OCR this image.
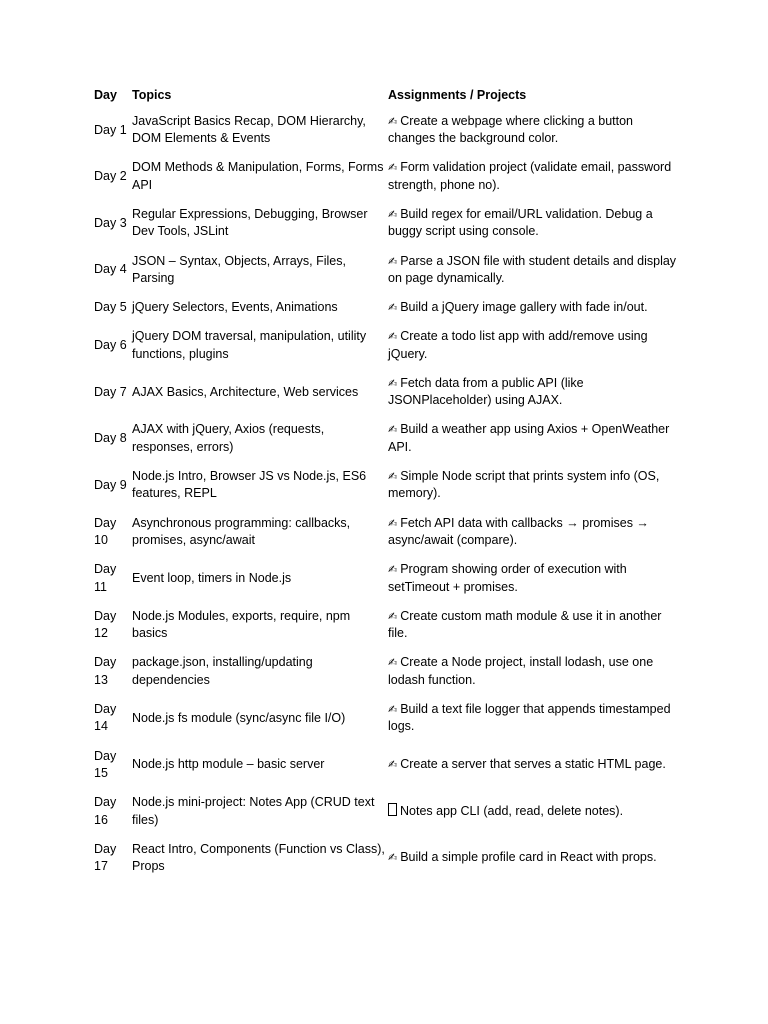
Day	Topics	Assignments / Projects
Day 1	JavaScript Basics Recap, DOM Hierarchy, DOM Elements & Events	✍ Create a webpage where clicking a button changes the background color.
Day 2	DOM Methods & Manipulation, Forms, Forms API	✍ Form validation project (validate email, password strength, phone no).
Day 3	Regular Expressions, Debugging, Browser Dev Tools, JSLint	✍ Build regex for email/URL validation. Debug a buggy script using console.
Day 4	JSON – Syntax, Objects, Arrays, Files, Parsing	✍ Parse a JSON file with student details and display on page dynamically.
Day 5	jQuery Selectors, Events, Animations	✍ Build a jQuery image gallery with fade in/out.
Day 6	jQuery DOM traversal, manipulation, utility functions, plugins	✍ Create a todo list app with add/remove using jQuery.
Day 7	AJAX Basics, Architecture, Web services	✍ Fetch data from a public API (like JSONPlaceholder) using AJAX.
Day 8	AJAX with jQuery, Axios (requests, responses, errors)	✍ Build a weather app using Axios + OpenWeather API.
Day 9	Node.js Intro, Browser JS vs Node.js, ES6 features, REPL	✍ Simple Node script that prints system info (OS, memory).
Day 10	Asynchronous programming: callbacks, promises, async/await	✍ Fetch API data with callbacks → promises → async/await (compare).
Day 11	Event loop, timers in Node.js	✍ Program showing order of execution with setTimeout + promises.
Day 12	Node.js Modules, exports, require, npm basics	✍ Create custom math module & use it in another file.
Day 13	package.json, installing/updating dependencies	✍ Create a Node project, install lodash, use one lodash function.
Day 14	Node.js fs module (sync/async file I/O)	✍ Build a text file logger that appends timestamped logs.
Day 15	Node.js http module – basic server	✍ Create a server that serves a static HTML page.
Day 16	Node.js mini-project: Notes App (CRUD text files)	Notes app CLI (add, read, delete notes).
Day 17	React Intro, Components (Function vs Class), Props	✍ Build a simple profile card in React with props.
